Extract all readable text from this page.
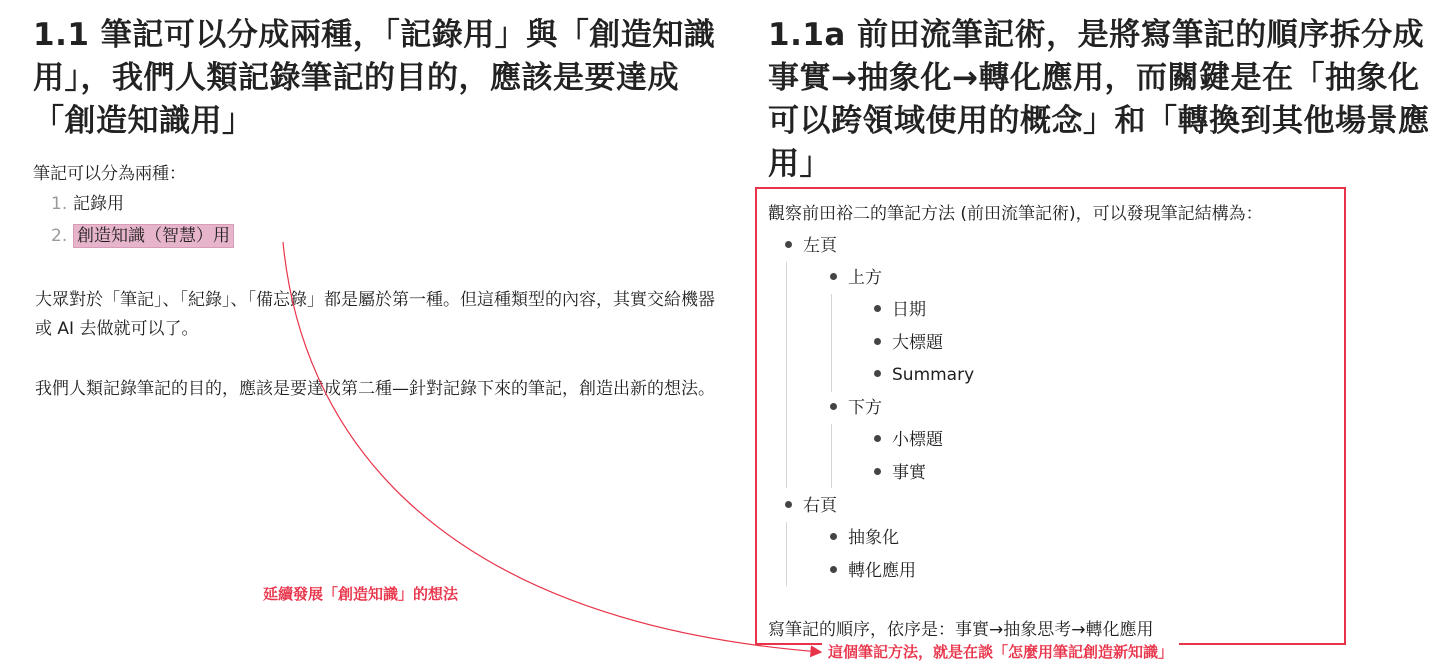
1.1 筆記可以分成兩種，「記錄用」與「創造知識用」，我們人類記錄筆記的目的，應該是要達成「創造知識用」
筆記可以分為兩種：
1. 記錄用
2. 創造知識（智慧）用
大眾對於「筆記」、「紀錄」、「備忘錄」都是屬於第一種。但這種類型的內容，其實交給機器或 AI 去做就可以了。
我們人類記錄筆記的目的，應該是要達成第二種—針對記錄下來的筆記，創造出新的想法。
1.1a 前田流筆記術，是將寫筆記的順序拆分成事實→抽象化→轉化應用，而關鍵是在「抽象化可以跨領域使用的概念」和「轉換到其他場景應用」
觀察前田裕二的筆記方法 (前田流筆記術)，可以發現筆記結構為：
左頁
上方
日期
大標題
Summary
下方
小標題
事實
右頁
抽象化
轉化應用
寫筆記的順序，依序是：事實→抽象思考→轉化應用
延續發展「創造知識」的想法
這個筆記方法，就是在談「怎麼用筆記創造新知識」
